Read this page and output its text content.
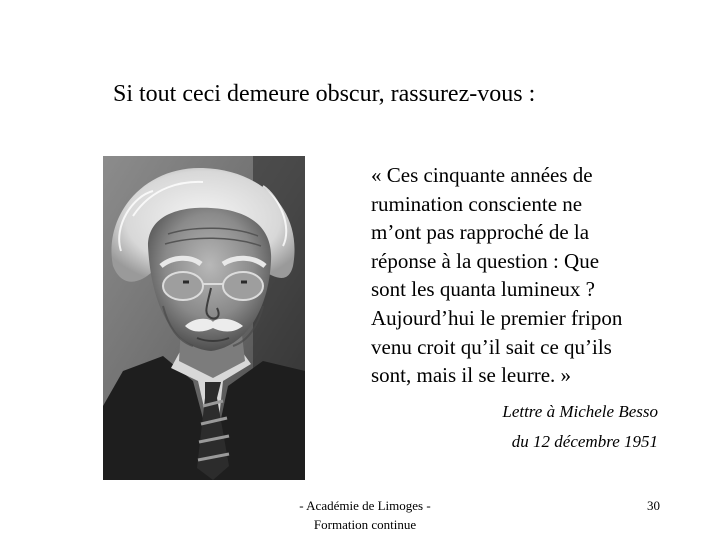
Si tout ceci demeure obscur, rassurez-vous :
« Ces cinquante années de
rumination consciente ne
m’ont pas rapproché de la
réponse à la question : Que
sont les quanta lumineux ?
Aujourd’hui le premier fripon
venu croit qu’il sait ce qu’ils
sont, mais il se leurre. »
Lettre à Michele Besso
du 12 décembre 1951
- Académie de Limoges -
Formation continue
30
